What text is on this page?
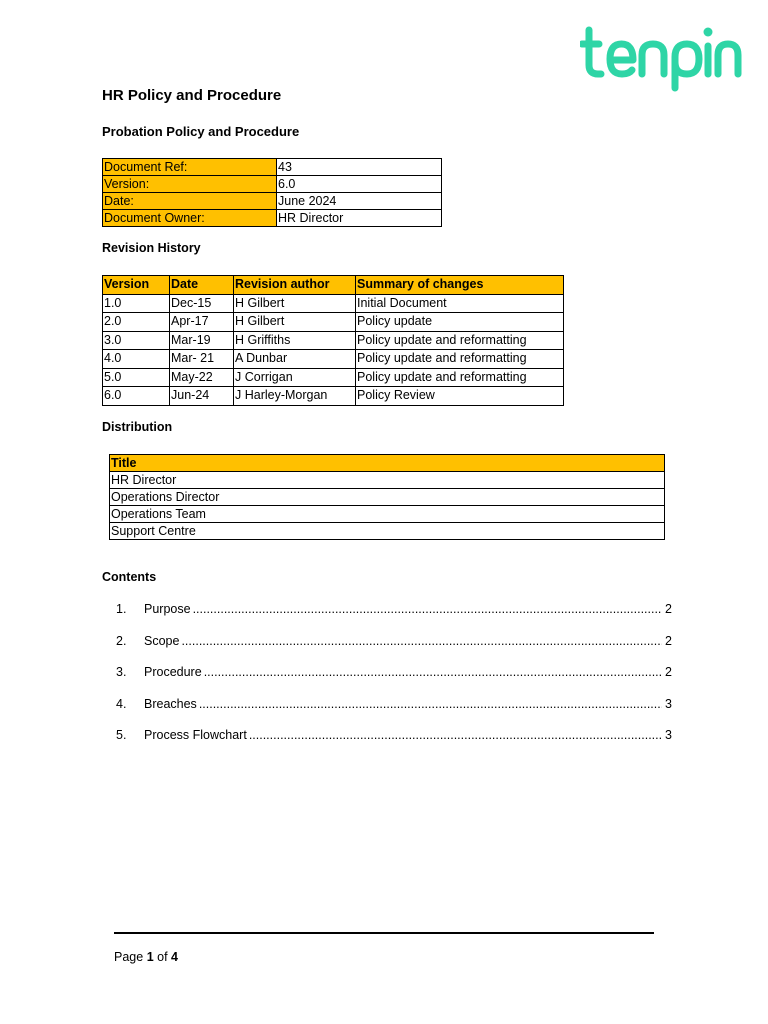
HR Policy and Procedure
Probation Policy and Procedure
Document Ref:	43
Version:	6.0
Date:	June 2024
Document Owner:	HR Director
Revision History
Version	Date	Revision author	Summary of changes
1.0	Dec-15	H Gilbert	Initial Document
2.0	Apr-17	H Gilbert	Policy update
3.0	Mar-19	H Griffiths	Policy update and reformatting
4.0	Mar- 21	A Dunbar	Policy update and reformatting
5.0	May-22	J Corrigan	Policy update and reformatting
6.0	Jun-24	J Harley-Morgan	Policy Review
Distribution
Title
HR Director
Operations Director
Operations Team
Support Centre
Contents
1.	Purpose .....	2
2.	Scope .....	2
3.	Procedure .....	2
4.	Breaches .....	3
5.	Process Flowchart .....	3
Page 1 of 4
